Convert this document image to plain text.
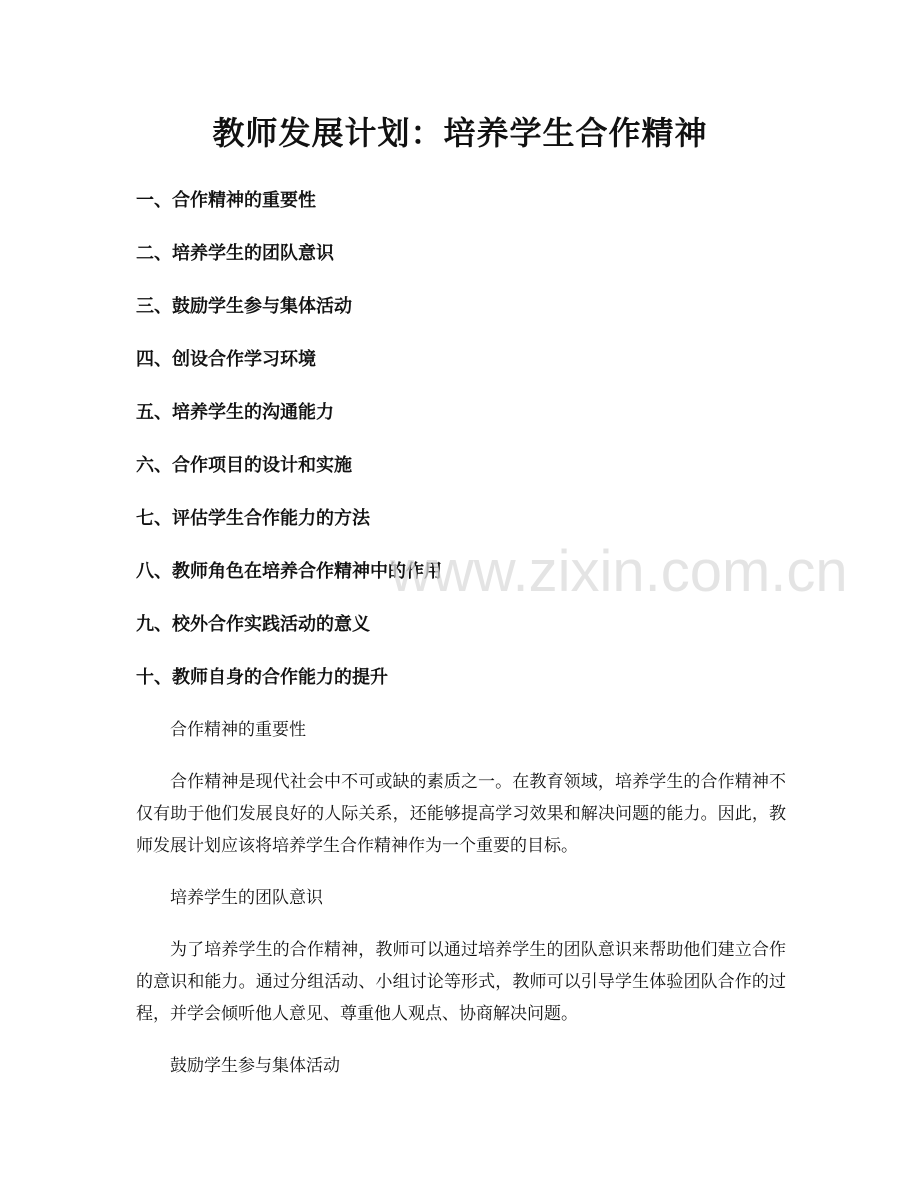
教师发展计划：培养学生合作精神
一、合作精神的重要性
二、培养学生的团队意识
三、鼓励学生参与集体活动
四、创设合作学习环境
五、培养学生的沟通能力
六、合作项目的设计和实施
七、评估学生合作能力的方法
八、教师角色在培养合作精神中的作用
九、校外合作实践活动的意义
十、教师自身的合作能力的提升

合作精神的重要性

合作精神是现代社会中不可或缺的素质之一。在教育领域，培养学生的合作精神不仅有助于他们发展良好的人际关系，还能够提高学习效果和解决问题的能力。因此，教师发展计划应该将培养学生合作精神作为一个重要的目标。

培养学生的团队意识

为了培养学生的合作精神，教师可以通过培养学生的团队意识来帮助他们建立合作的意识和能力。通过分组活动、小组讨论等形式，教师可以引导学生体验团队合作的过程，并学会倾听他人意见、尊重他人观点、协商解决问题。

鼓励学生参与集体活动

www.zixin.com.cn
